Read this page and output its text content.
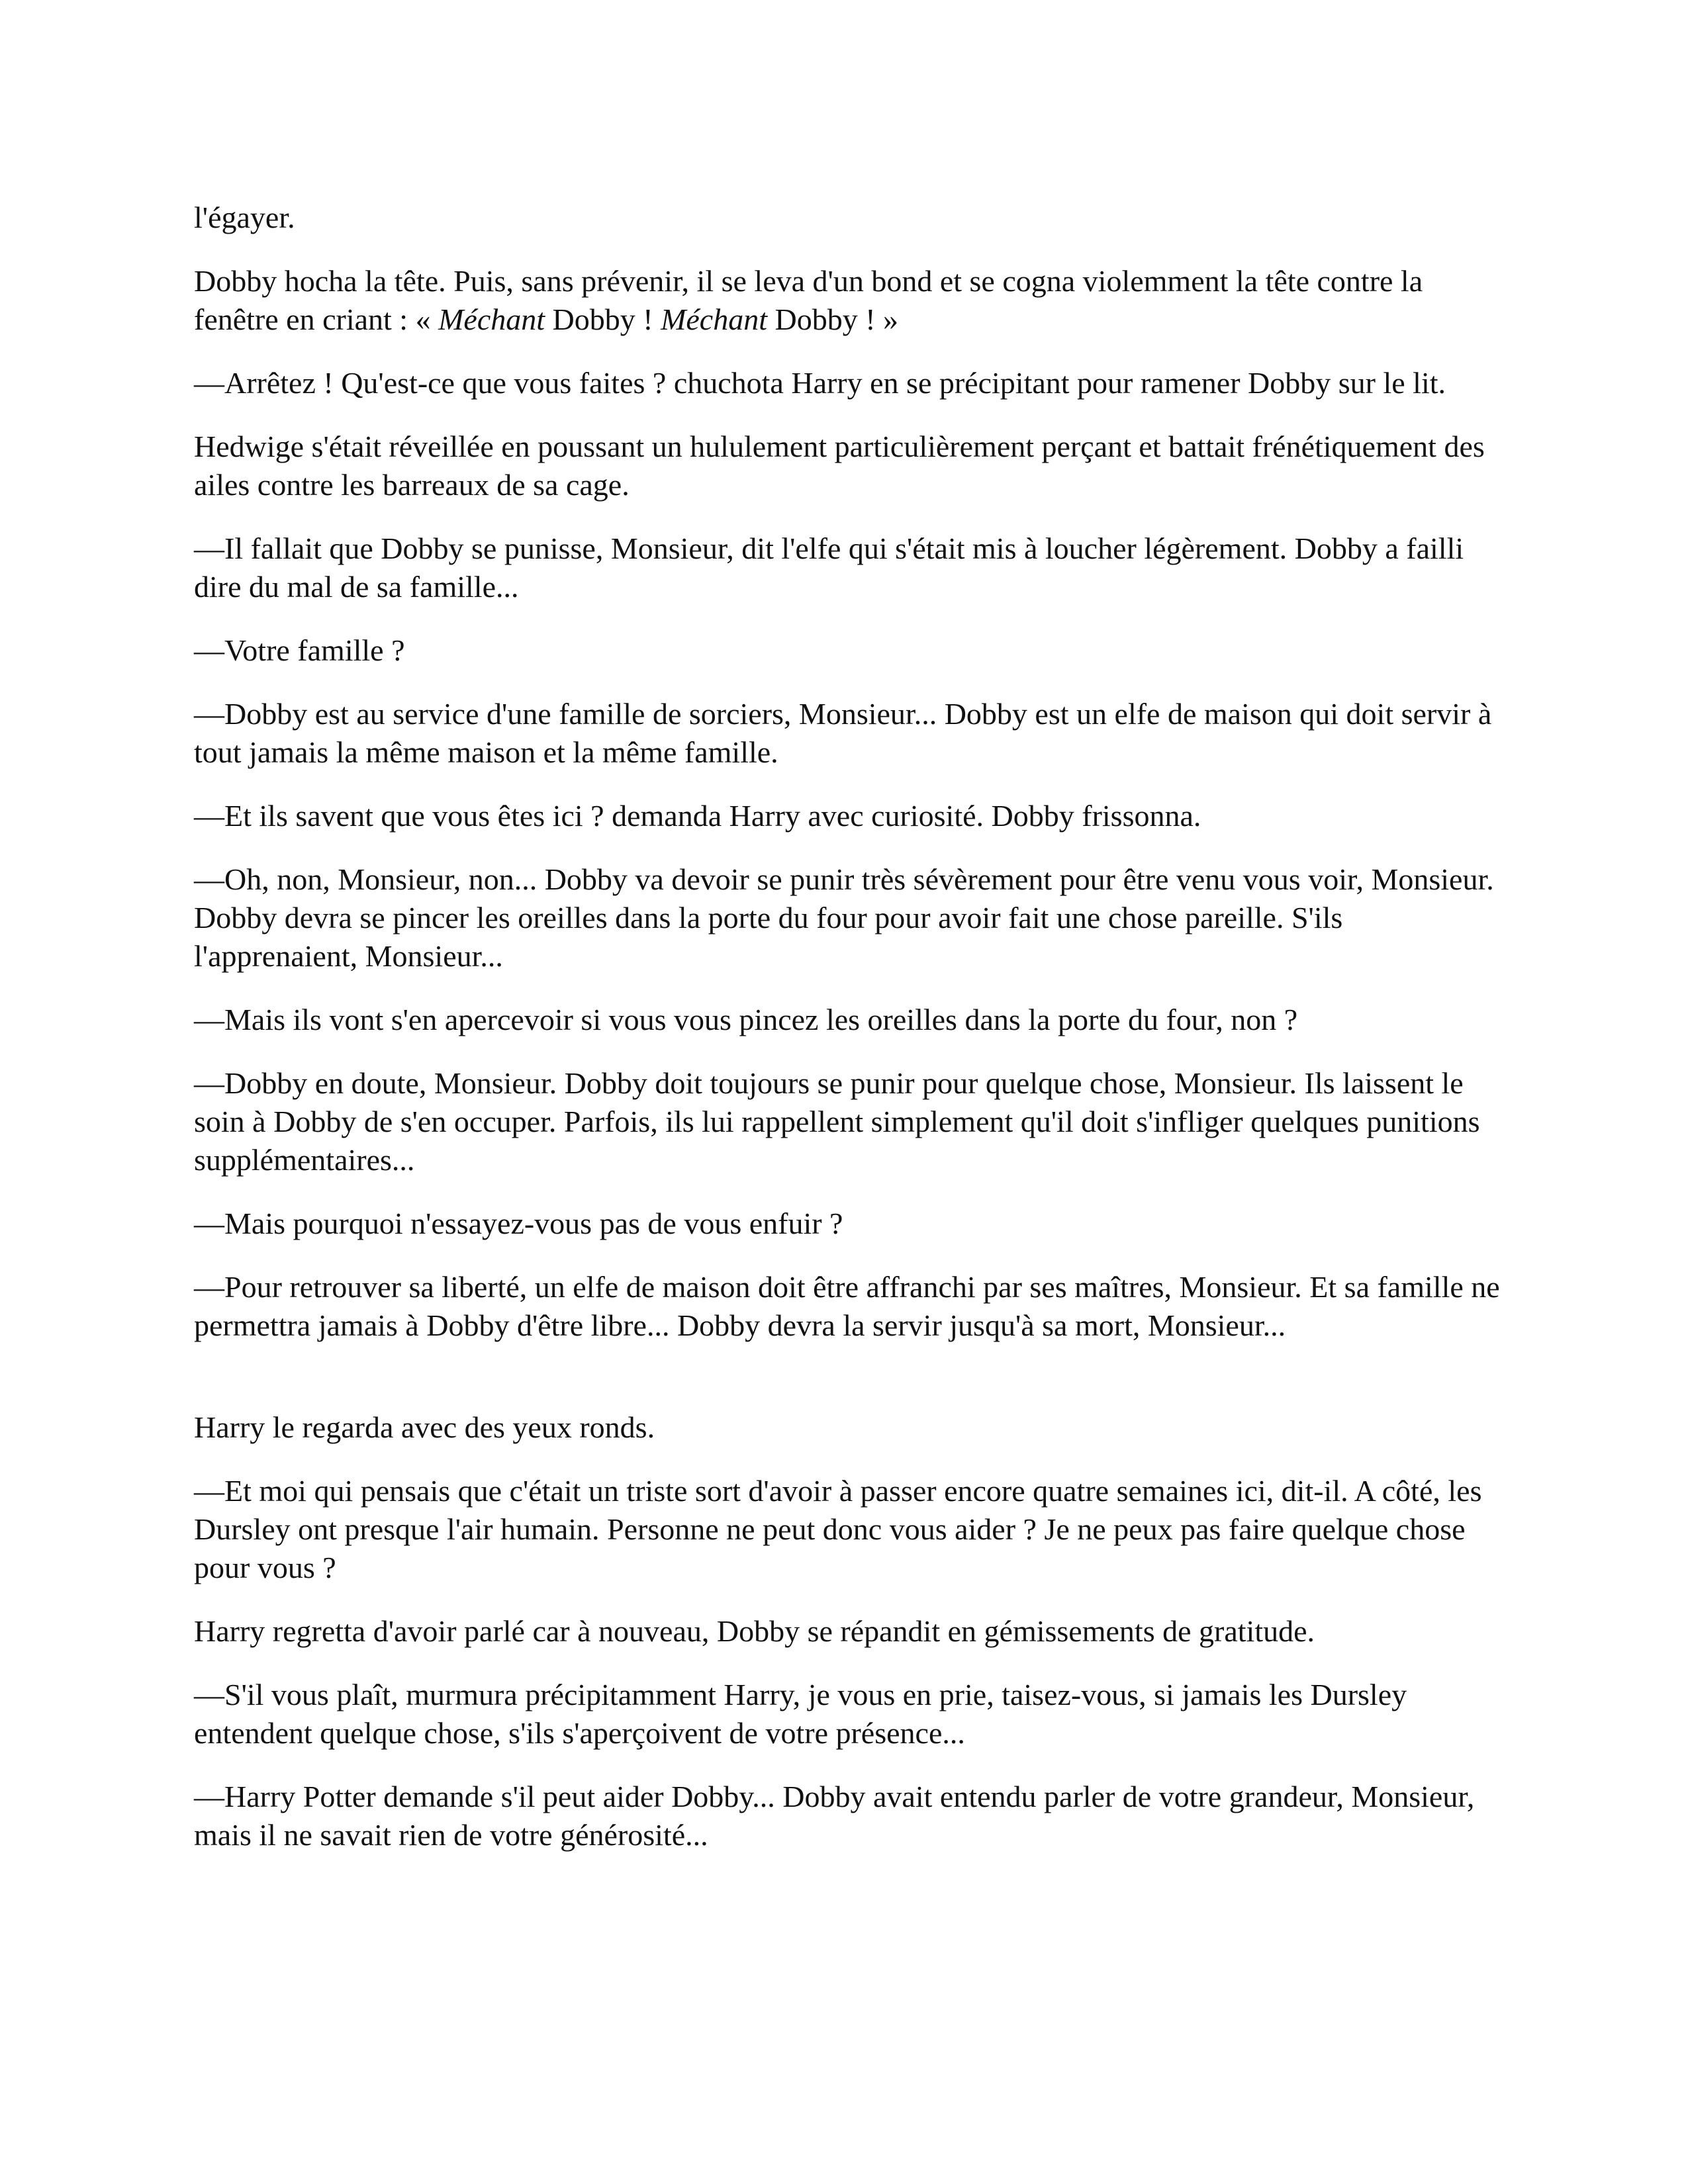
l'égayer.

Dobby hocha la tête. Puis, sans prévenir, il se leva d'un bond et se cogna violemment la tête contre la fenêtre en criant : « Méchant Dobby ! Méchant Dobby ! »

—Arrêtez ! Qu'est-ce que vous faites ? chuchota Harry en se précipitant pour ramener Dobby sur le lit.

Hedwige s'était réveillée en poussant un hululement particulièrement perçant et battait frénétiquement des ailes contre les barreaux de sa cage.

—Il fallait que Dobby se punisse, Monsieur, dit l'elfe qui s'était mis à loucher légèrement. Dobby a failli dire du mal de sa famille...

—Votre famille ?

—Dobby est au service d'une famille de sorciers, Monsieur... Dobby est un elfe de maison qui doit servir à tout jamais la même maison et la même famille.

—Et ils savent que vous êtes ici ? demanda Harry avec curiosité. Dobby frissonna.

—Oh, non, Monsieur, non... Dobby va devoir se punir très sévèrement pour être venu vous voir, Monsieur. Dobby devra se pincer les oreilles dans la porte du four pour avoir fait une chose pareille. S'ils l'apprenaient, Monsieur...

—Mais ils vont s'en apercevoir si vous vous pincez les oreilles dans la porte du four, non ?

—Dobby en doute, Monsieur. Dobby doit toujours se punir pour quelque chose, Monsieur. Ils laissent le soin à Dobby de s'en occuper. Parfois, ils lui rappellent simplement qu'il doit s'infliger quelques punitions supplémentaires...

—Mais pourquoi n'essayez-vous pas de vous enfuir ?

—Pour retrouver sa liberté, un elfe de maison doit être affranchi par ses maîtres, Monsieur. Et sa famille ne permettra jamais à Dobby d'être libre... Dobby devra la servir jusqu'à sa mort, Monsieur...

Harry le regarda avec des yeux ronds.

—Et moi qui pensais que c'était un triste sort d'avoir à passer encore quatre semaines ici, dit-il. A côté, les Dursley ont presque l'air humain. Personne ne peut donc vous aider ? Je ne peux pas faire quelque chose pour vous ?

Harry regretta d'avoir parlé car à nouveau, Dobby se répandit en gémissements de gratitude.

—S'il vous plaît, murmura précipitamment Harry, je vous en prie, taisez-vous, si jamais les Dursley entendent quelque chose, s'ils s'aperçoivent de votre présence...

—Harry Potter demande s'il peut aider Dobby... Dobby avait entendu parler de votre grandeur, Monsieur, mais il ne savait rien de votre générosité...
